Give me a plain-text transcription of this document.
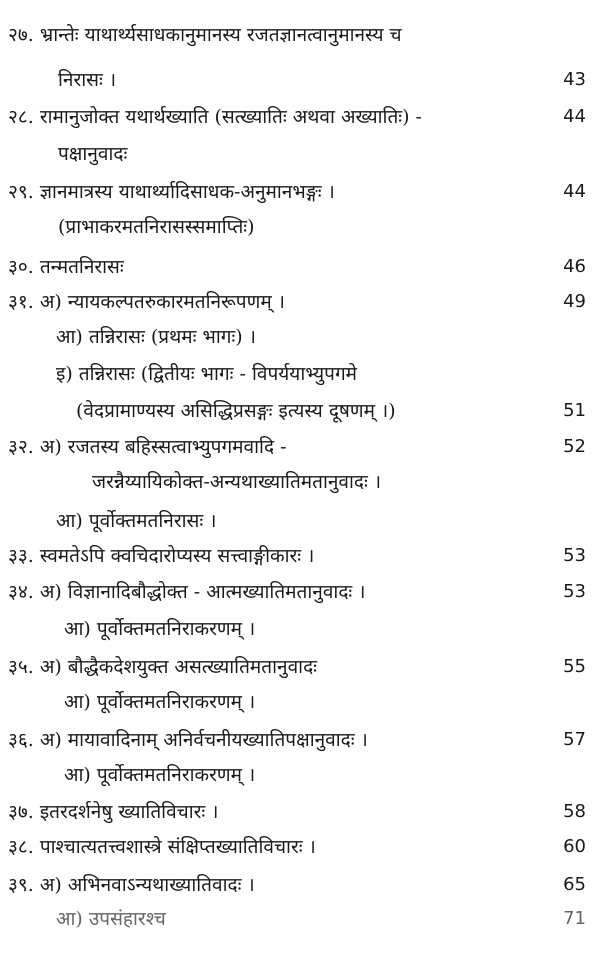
२७. भ्रान्तेः याथार्थ्यसाधकानुमानस्य रजतज्ञानत्वानुमानस्य च
निरासः ।	43
२८. रामानुजोक्त यथार्थख्याति (सत्ख्यातिः अथवा अख्यातिः) -	44
पक्षानुवादः
२९. ज्ञानमात्रस्य याथार्थ्यादिसाधक-अनुमानभङ्गः ।	44
(प्राभाकरमतनिरासस्समाप्तिः)
३०. तन्मतनिरासः	46
३१. अ) न्यायकल्पतरुकारमतनिरूपणम् ।	49
आ) तन्निरासः (प्रथमः भागः) ।
इ) तन्निरासः (द्वितीयः भागः - विपर्ययाभ्युपगमे
(वेदप्रामाण्यस्य असिद्धिप्रसङ्गः इत्यस्य दूषणम् ।)	51
३२. अ) रजतस्य बहिस्सत्वाभ्युपगमवादि -	52
जरन्नैय्यायिकोक्त-अन्यथाख्यातिमतानुवादः ।
आ) पूर्वोक्तमतनिरासः ।
३३. स्वमतेऽपि क्वचिदारोप्यस्य सत्त्वाङ्गीकारः ।	53
३४. अ) विज्ञानादिबौद्धोक्त - आत्मख्यातिमतानुवादः ।	53
आ) पूर्वोक्तमतनिराकरणम् ।
३५. अ) बौद्धैकदेशयुक्त असत्ख्यातिमतानुवादः	55
आ) पूर्वोक्तमतनिराकरणम् ।
३६. अ) मायावादिनाम् अनिर्वचनीयख्यातिपक्षानुवादः ।	57
आ) पूर्वोक्तमतनिराकरणम् ।
३७. इतरदर्शनेषु ख्यातिविचारः ।	58
३८. पाश्चात्यतत्त्वशास्त्रे संक्षिप्तख्यातिविचारः ।	60
३९. अ) अभिनवाऽन्यथाख्यातिवादः ।	65
आ) उपसंहारश्च	71
